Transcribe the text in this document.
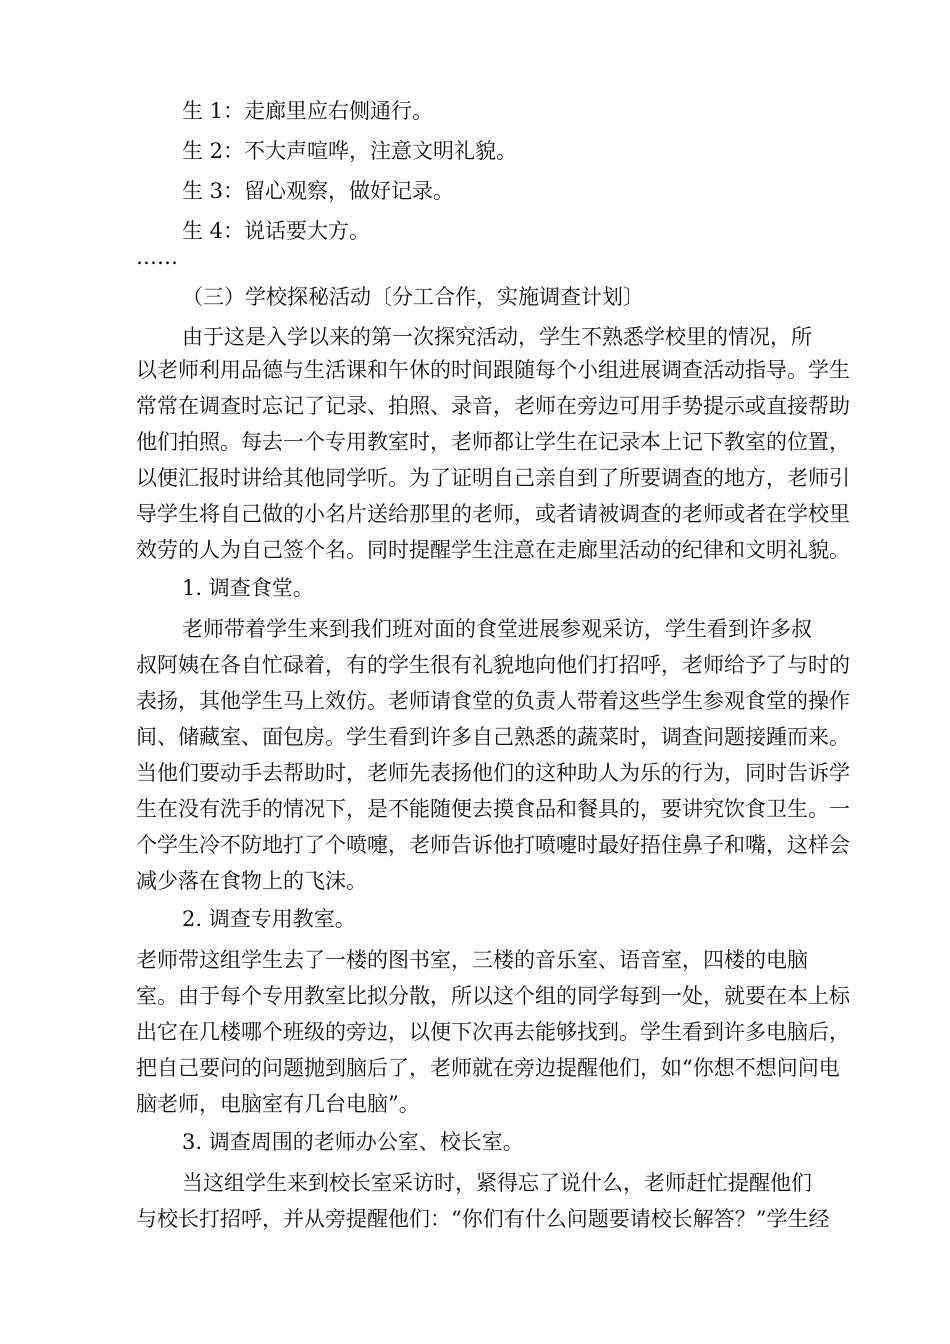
生 1：走廊里应右侧通行。
生 2：不大声喧哗，注意文明礼貌。
生 3：留心观察，做好记录。
生 4：说话要大方。
……
（三）学校探秘活动〔分工合作，实施调查计划〕
由于这是入学以来的第一次探究活动，学生不熟悉学校里的情况，所
以老师利用品德与生活课和午休的时间跟随每个小组进展调查活动指导。学生
常常在调查时忘记了记录、拍照、录音，老师在旁边可用手势提示或直接帮助
他们拍照。每去一个专用教室时，老师都让学生在记录本上记下教室的位置，
以便汇报时讲给其他同学听。为了证明自己亲自到了所要调查的地方，老师引
导学生将自己做的小名片送给那里的老师，或者请被调查的老师或者在学校里
效劳的人为自己签个名。同时提醒学生注意在走廊里活动的纪律和文明礼貌。
1. 调查食堂。
老师带着学生来到我们班对面的食堂进展参观采访，学生看到许多叔
叔阿姨在各自忙碌着，有的学生很有礼貌地向他们打招呼，老师给予了与时的
表扬，其他学生马上效仿。老师请食堂的负责人带着这些学生参观食堂的操作
间、储藏室、面包房。学生看到许多自己熟悉的蔬菜时，调查问题接踵而来。
当他们要动手去帮助时，老师先表扬他们的这种助人为乐的行为，同时告诉学
生在没有洗手的情况下，是不能随便去摸食品和餐具的，要讲究饮食卫生。一
个学生冷不防地打了个喷嚏，老师告诉他打喷嚏时最好捂住鼻子和嘴，这样会
减少落在食物上的飞沫。
2. 调查专用教室。
老师带这组学生去了一楼的图书室，三楼的音乐室、语音室，四楼的电脑
室。由于每个专用教室比拟分散，所以这个组的同学每到一处，就要在本上标
出它在几楼哪个班级的旁边，以便下次再去能够找到。学生看到许多电脑后，
把自己要问的问题抛到脑后了，老师就在旁边提醒他们，如“你想不想问问电
脑老师，电脑室有几台电脑”。
3. 调查周围的老师办公室、校长室。
当这组学生来到校长室采访时，紧得忘了说什么，老师赶忙提醒他们
与校长打招呼，并从旁提醒他们：“你们有什么问题要请校长解答？”学生经
